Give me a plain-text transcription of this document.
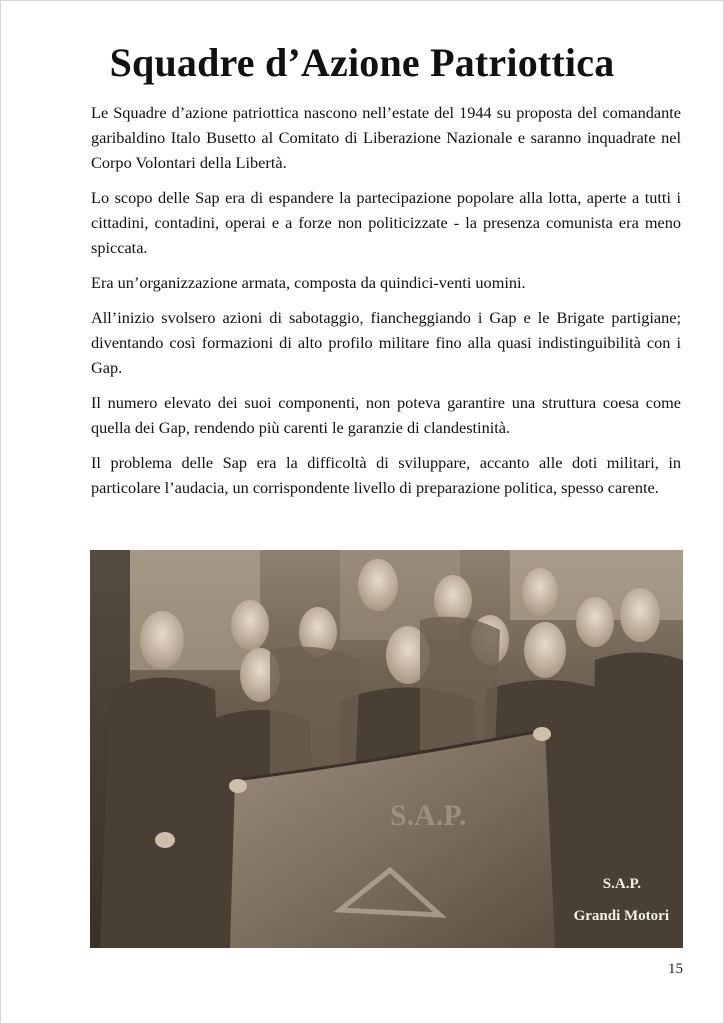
Squadre d’Azione Patriottica

Le Squadre d’azione patriottica nascono nell’estate del 1944 su proposta del comandante garibaldino Italo Busetto al Comitato di Liberazione Nazionale e saranno inquadrate nel Corpo Volontari della Libertà.

Lo scopo delle Sap era di espandere la partecipazione popolare alla lotta, aperte a tutti i cittadini, contadini, operai e a forze non politicizzate - la presenza comunista era meno spiccata.

Era un’organizzazione armata, composta da quindici-venti uomini.

All’inizio svolsero azioni di sabotaggio, fiancheggiando i Gap e le Brigate partigiane; diventando così formazioni di alto profilo militare fino alla quasi indistinguibilità con i Gap.

Il numero elevato dei suoi componenti, non poteva garantire una struttura coesa come quella dei Gap, rendendo più carenti le garanzie di clandestinità.

Il problema delle Sap era la difficoltà di sviluppare, accanto alle doti militari, in particolare l’audacia, un corrispondente livello di preparazione politica, spesso carente.

S.A.P.
S.A.P.
Grandi Motori
15
